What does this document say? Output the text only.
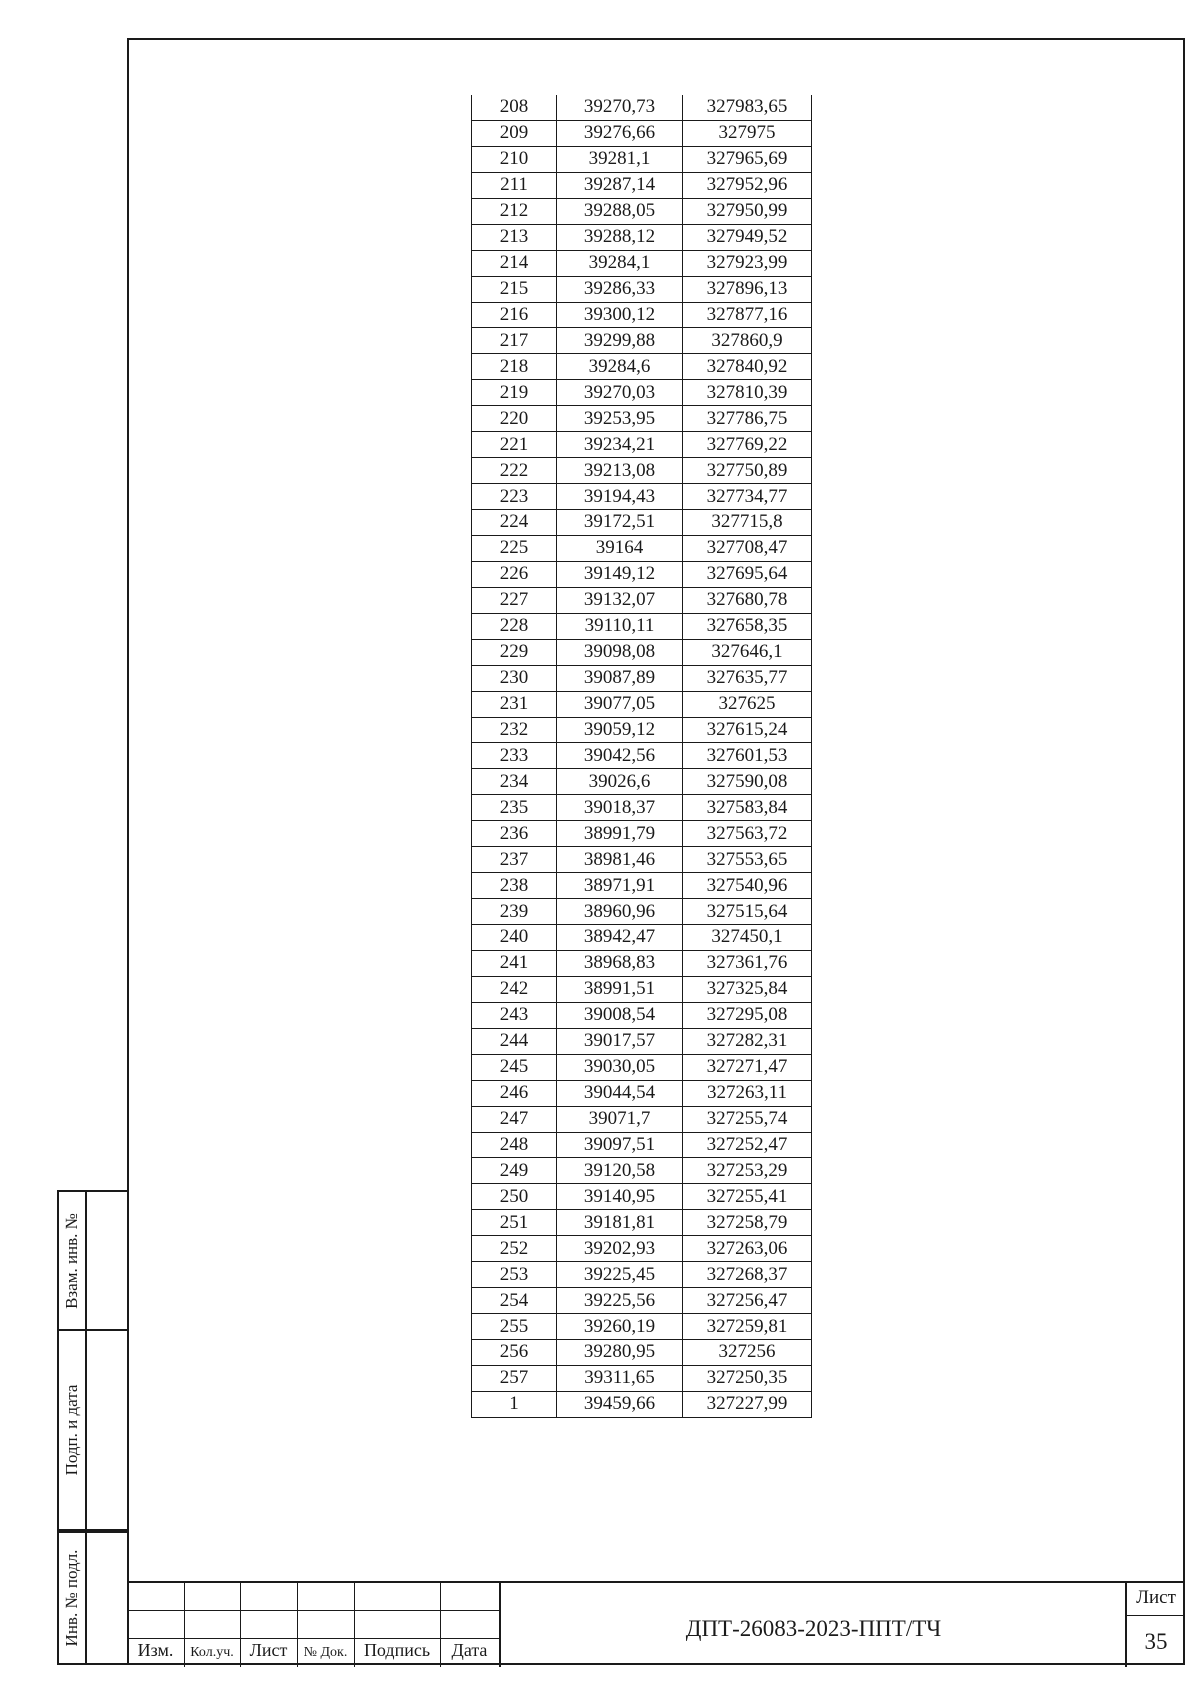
208	39270,73	327983,65
209	39276,66	327975
210	39281,1	327965,69
211	39287,14	327952,96
212	39288,05	327950,99
213	39288,12	327949,52
214	39284,1	327923,99
215	39286,33	327896,13
216	39300,12	327877,16
217	39299,88	327860,9
218	39284,6	327840,92
219	39270,03	327810,39
220	39253,95	327786,75
221	39234,21	327769,22
222	39213,08	327750,89
223	39194,43	327734,77
224	39172,51	327715,8
225	39164	327708,47
226	39149,12	327695,64
227	39132,07	327680,78
228	39110,11	327658,35
229	39098,08	327646,1
230	39087,89	327635,77
231	39077,05	327625
232	39059,12	327615,24
233	39042,56	327601,53
234	39026,6	327590,08
235	39018,37	327583,84
236	38991,79	327563,72
237	38981,46	327553,65
238	38971,91	327540,96
239	38960,96	327515,64
240	38942,47	327450,1
241	38968,83	327361,76
242	38991,51	327325,84
243	39008,54	327295,08
244	39017,57	327282,31
245	39030,05	327271,47
246	39044,54	327263,11
247	39071,7	327255,74
248	39097,51	327252,47
249	39120,58	327253,29
250	39140,95	327255,41
251	39181,81	327258,79
252	39202,93	327263,06
253	39225,45	327268,37
254	39225,56	327256,47
255	39260,19	327259,81
256	39280,95	327256
257	39311,65	327250,35
1	39459,66	327227,99
Взам. инв. №
Подп. и дата
Инв. № подл.
Изм.	Кол.уч. Лист	№ Док. Подпись	Дата
ДПТ-26083-2023-ППТ/ТЧ
Лист
35
